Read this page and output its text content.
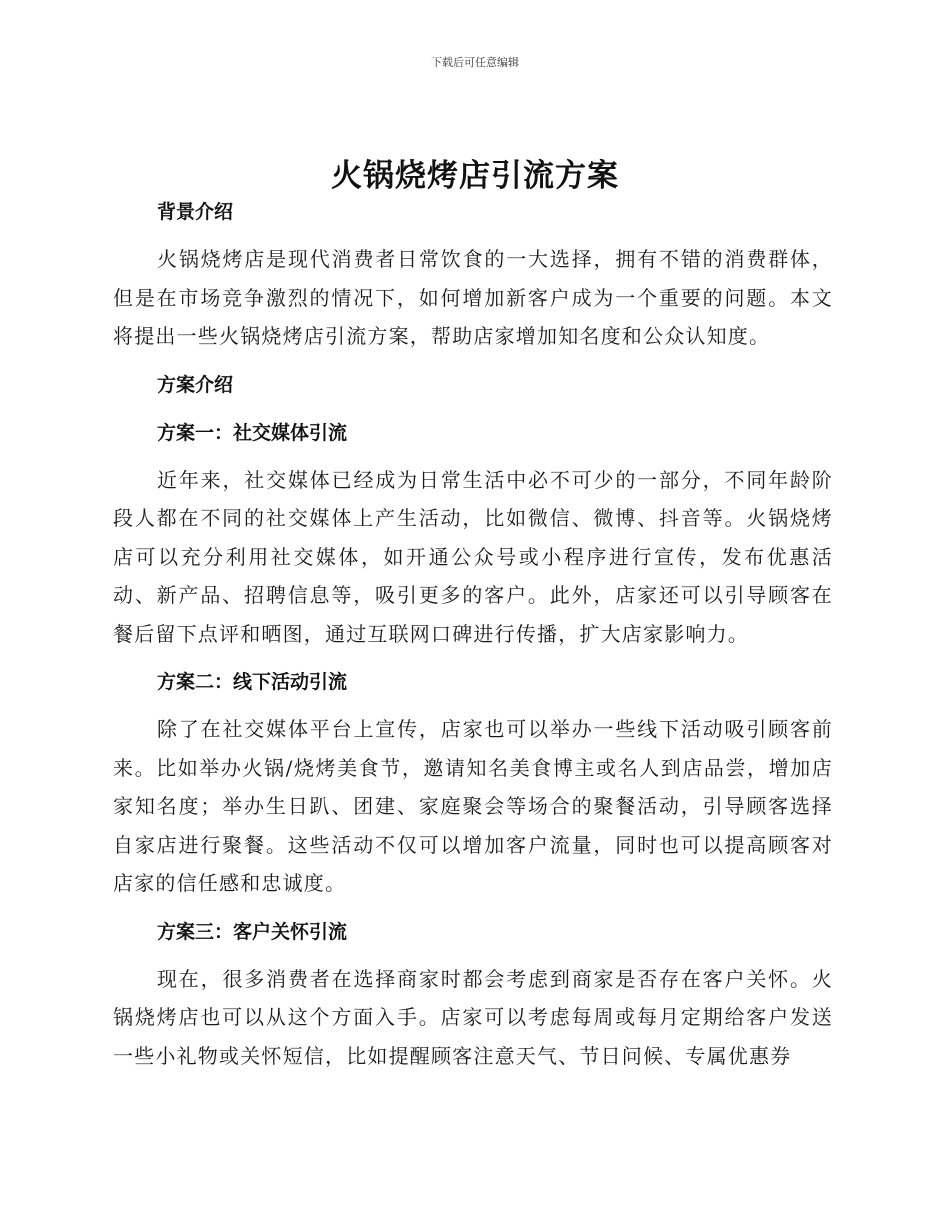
下载后可任意编辑
火锅烧烤店引流方案
背景介绍

火锅烧烤店是现代消费者日常饮食的一大选择，拥有不错的消费群体，但是在市场竞争激烈的情况下，如何增加新客户成为一个重要的问题。本文将提出一些火锅烧烤店引流方案，帮助店家增加知名度和公众认知度。

方案介绍
方案一：社交媒体引流

近年来，社交媒体已经成为日常生活中必不可少的一部分，不同年龄阶段人都在不同的社交媒体上产生活动，比如微信、微博、抖音等。火锅烧烤店可以充分利用社交媒体，如开通公众号或小程序进行宣传，发布优惠活动、新产品、招聘信息等，吸引更多的客户。此外，店家还可以引导顾客在餐后留下点评和晒图，通过互联网口碑进行传播，扩大店家影响力。

方案二：线下活动引流

除了在社交媒体平台上宣传，店家也可以举办一些线下活动吸引顾客前来。比如举办火锅/烧烤美食节，邀请知名美食博主或名人到店品尝，增加店家知名度；举办生日趴、团建、家庭聚会等场合的聚餐活动，引导顾客选择自家店进行聚餐。这些活动不仅可以增加客户流量，同时也可以提高顾客对店家的信任感和忠诚度。

方案三：客户关怀引流

现在，很多消费者在选择商家时都会考虑到商家是否存在客户关怀。火锅烧烤店也可以从这个方面入手。店家可以考虑每周或每月定期给客户发送一些小礼物或关怀短信，比如提醒顾客注意天气、节日问候、专属优惠券
